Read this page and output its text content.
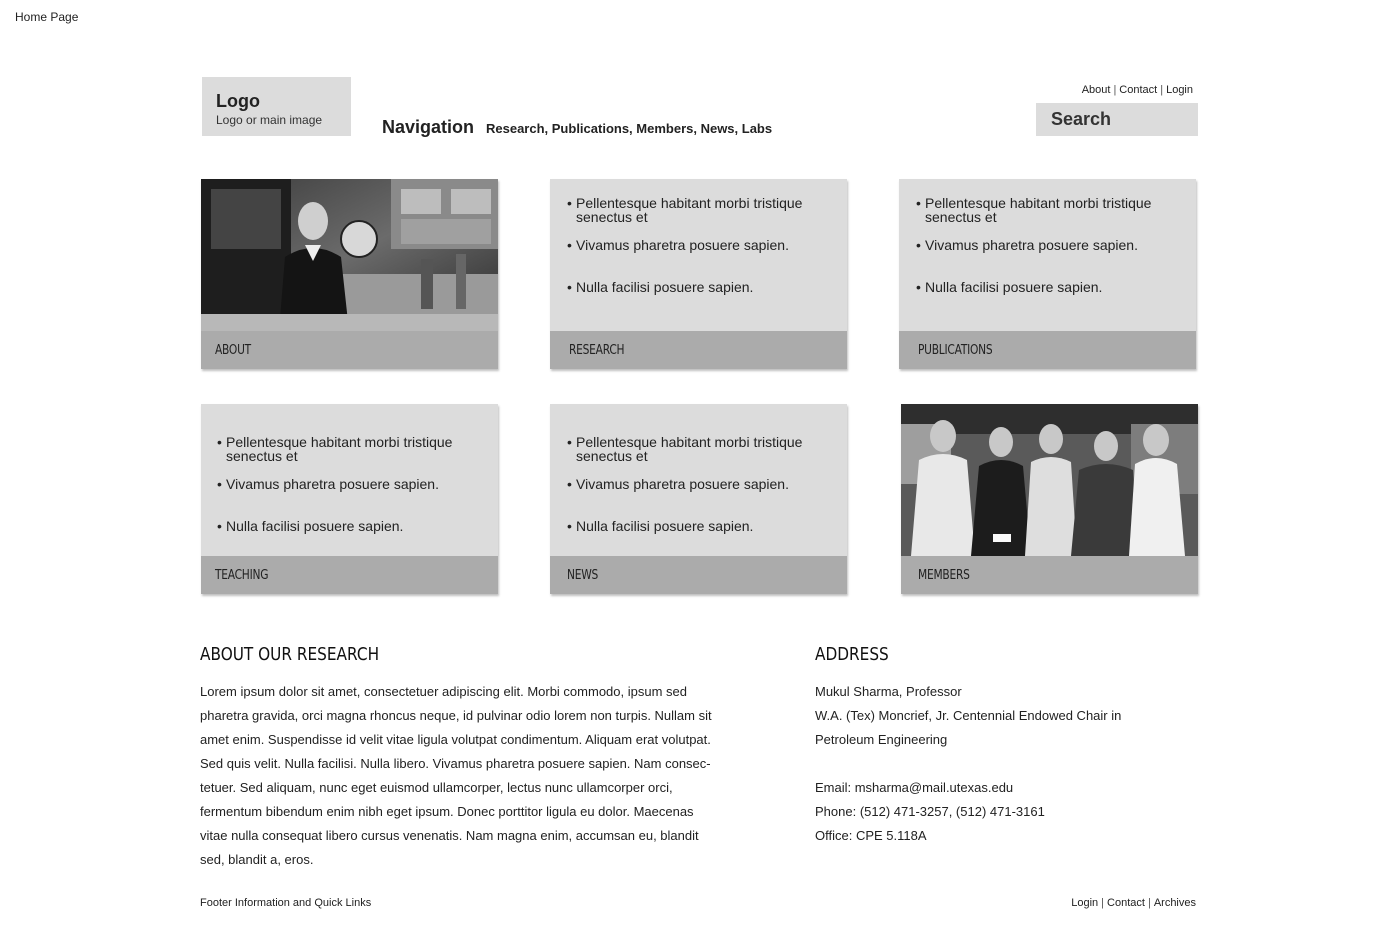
Home Page
Logo
Logo or main image	Navigation Research, Publications, Members, News, Labs
About | Contact | Login
Search
ABOUT
• Pellentesque habitant morbi tristique senectus et
• Vivamus pharetra posuere sapien.
• Nulla facilisi posuere sapien.
RESEARCH
• Pellentesque habitant morbi tristique senectus et
• Vivamus pharetra posuere sapien.
• Nulla facilisi posuere sapien.
PUBLICATIONS
• Pellentesque habitant morbi tristique senectus et
• Vivamus pharetra posuere sapien.
• Nulla facilisi posuere sapien.
TEACHING
• Pellentesque habitant morbi tristique senectus et
• Vivamus pharetra posuere sapien.
• Nulla facilisi posuere sapien.
NEWS	MEMBERS
ABOUT OUR RESEARCH
Lorem ipsum dolor sit amet, consectetuer adipiscing elit. Morbi commodo, ipsum sed
pharetra gravida, orci magna rhoncus neque, id pulvinar odio lorem non turpis. Nullam sit
amet enim. Suspendisse id velit vitae ligula volutpat condimentum. Aliquam erat volutpat.
Sed quis velit. Nulla facilisi. Nulla libero. Vivamus pharetra posuere sapien. Nam consec-
tetuer. Sed aliquam, nunc eget euismod ullamcorper, lectus nunc ullamcorper orci,
fermentum bibendum enim nibh eget ipsum. Donec porttitor ligula eu dolor. Maecenas
vitae nulla consequat libero cursus venenatis. Nam magna enim, accumsan eu, blandit
sed, blandit a, eros.
ADDRESS
Mukul Sharma, Professor
W.A. (Tex) Moncrief, Jr. Centennial Endowed Chair in
Petroleum Engineering
Email: msharma@mail.utexas.edu
Phone: (512) 471-3257, (512) 471-3161
Office: CPE 5.118A
Footer Information and Quick Links	Login | Contact | Archives
